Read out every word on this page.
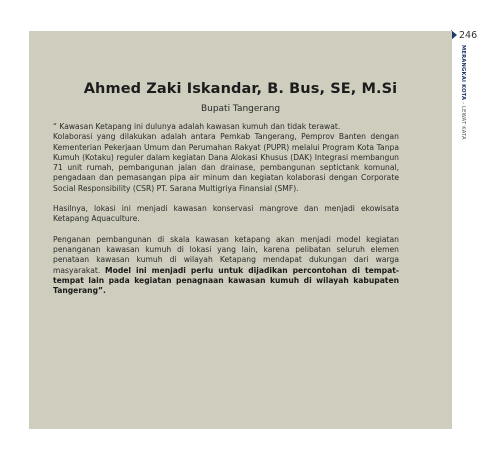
246
MERANGKAI KOTA - LEWAT KATA
Ahmed Zaki Iskandar, B. Bus, SE, M.Si
Bupati Tangerang
“ Kawasan Ketapang ini dulunya adalah kawasan kumuh dan tidak terawat.

Kolaborasi yang dilakukan adalah antara Pemkab Tangerang, Pemprov Banten dengan Kementerian Pekerjaan Umum dan Perumahan Rakyat (PUPR) melalui Program Kota Tanpa Kumuh (Kotaku) reguler dalam kegiatan Dana Alokasi Khusus (DAK) Integrasi membangun 71 unit rumah, pembangunan jalan dan drainase, pembangunan septictank komunal, pengadaan dan pemasangan pipa air minum dan kegiatan kolaborasi dengan Corporate Social Responsibility (CSR) PT. Sarana Multigriya Finansial (SMF).

Hasilnya, lokasi ini menjadi kawasan konservasi mangrove dan menjadi ekowisata Ketapang Aquaculture.

Penganan pembangunan di skala kawasan ketapang akan menjadi model kegiatan penanganan kawasan kumuh di lokasi yang lain, karena pelibatan seluruh elemen penataan kawasan kumuh di wilayah Ketapang mendapat dukungan dari warga masyarakat. Model ini menjadi perlu untuk dijadikan percontohan di tempat-tempat lain pada kegiatan penagnaan kawasan kumuh di wilayah kabupaten Tangerang”.
